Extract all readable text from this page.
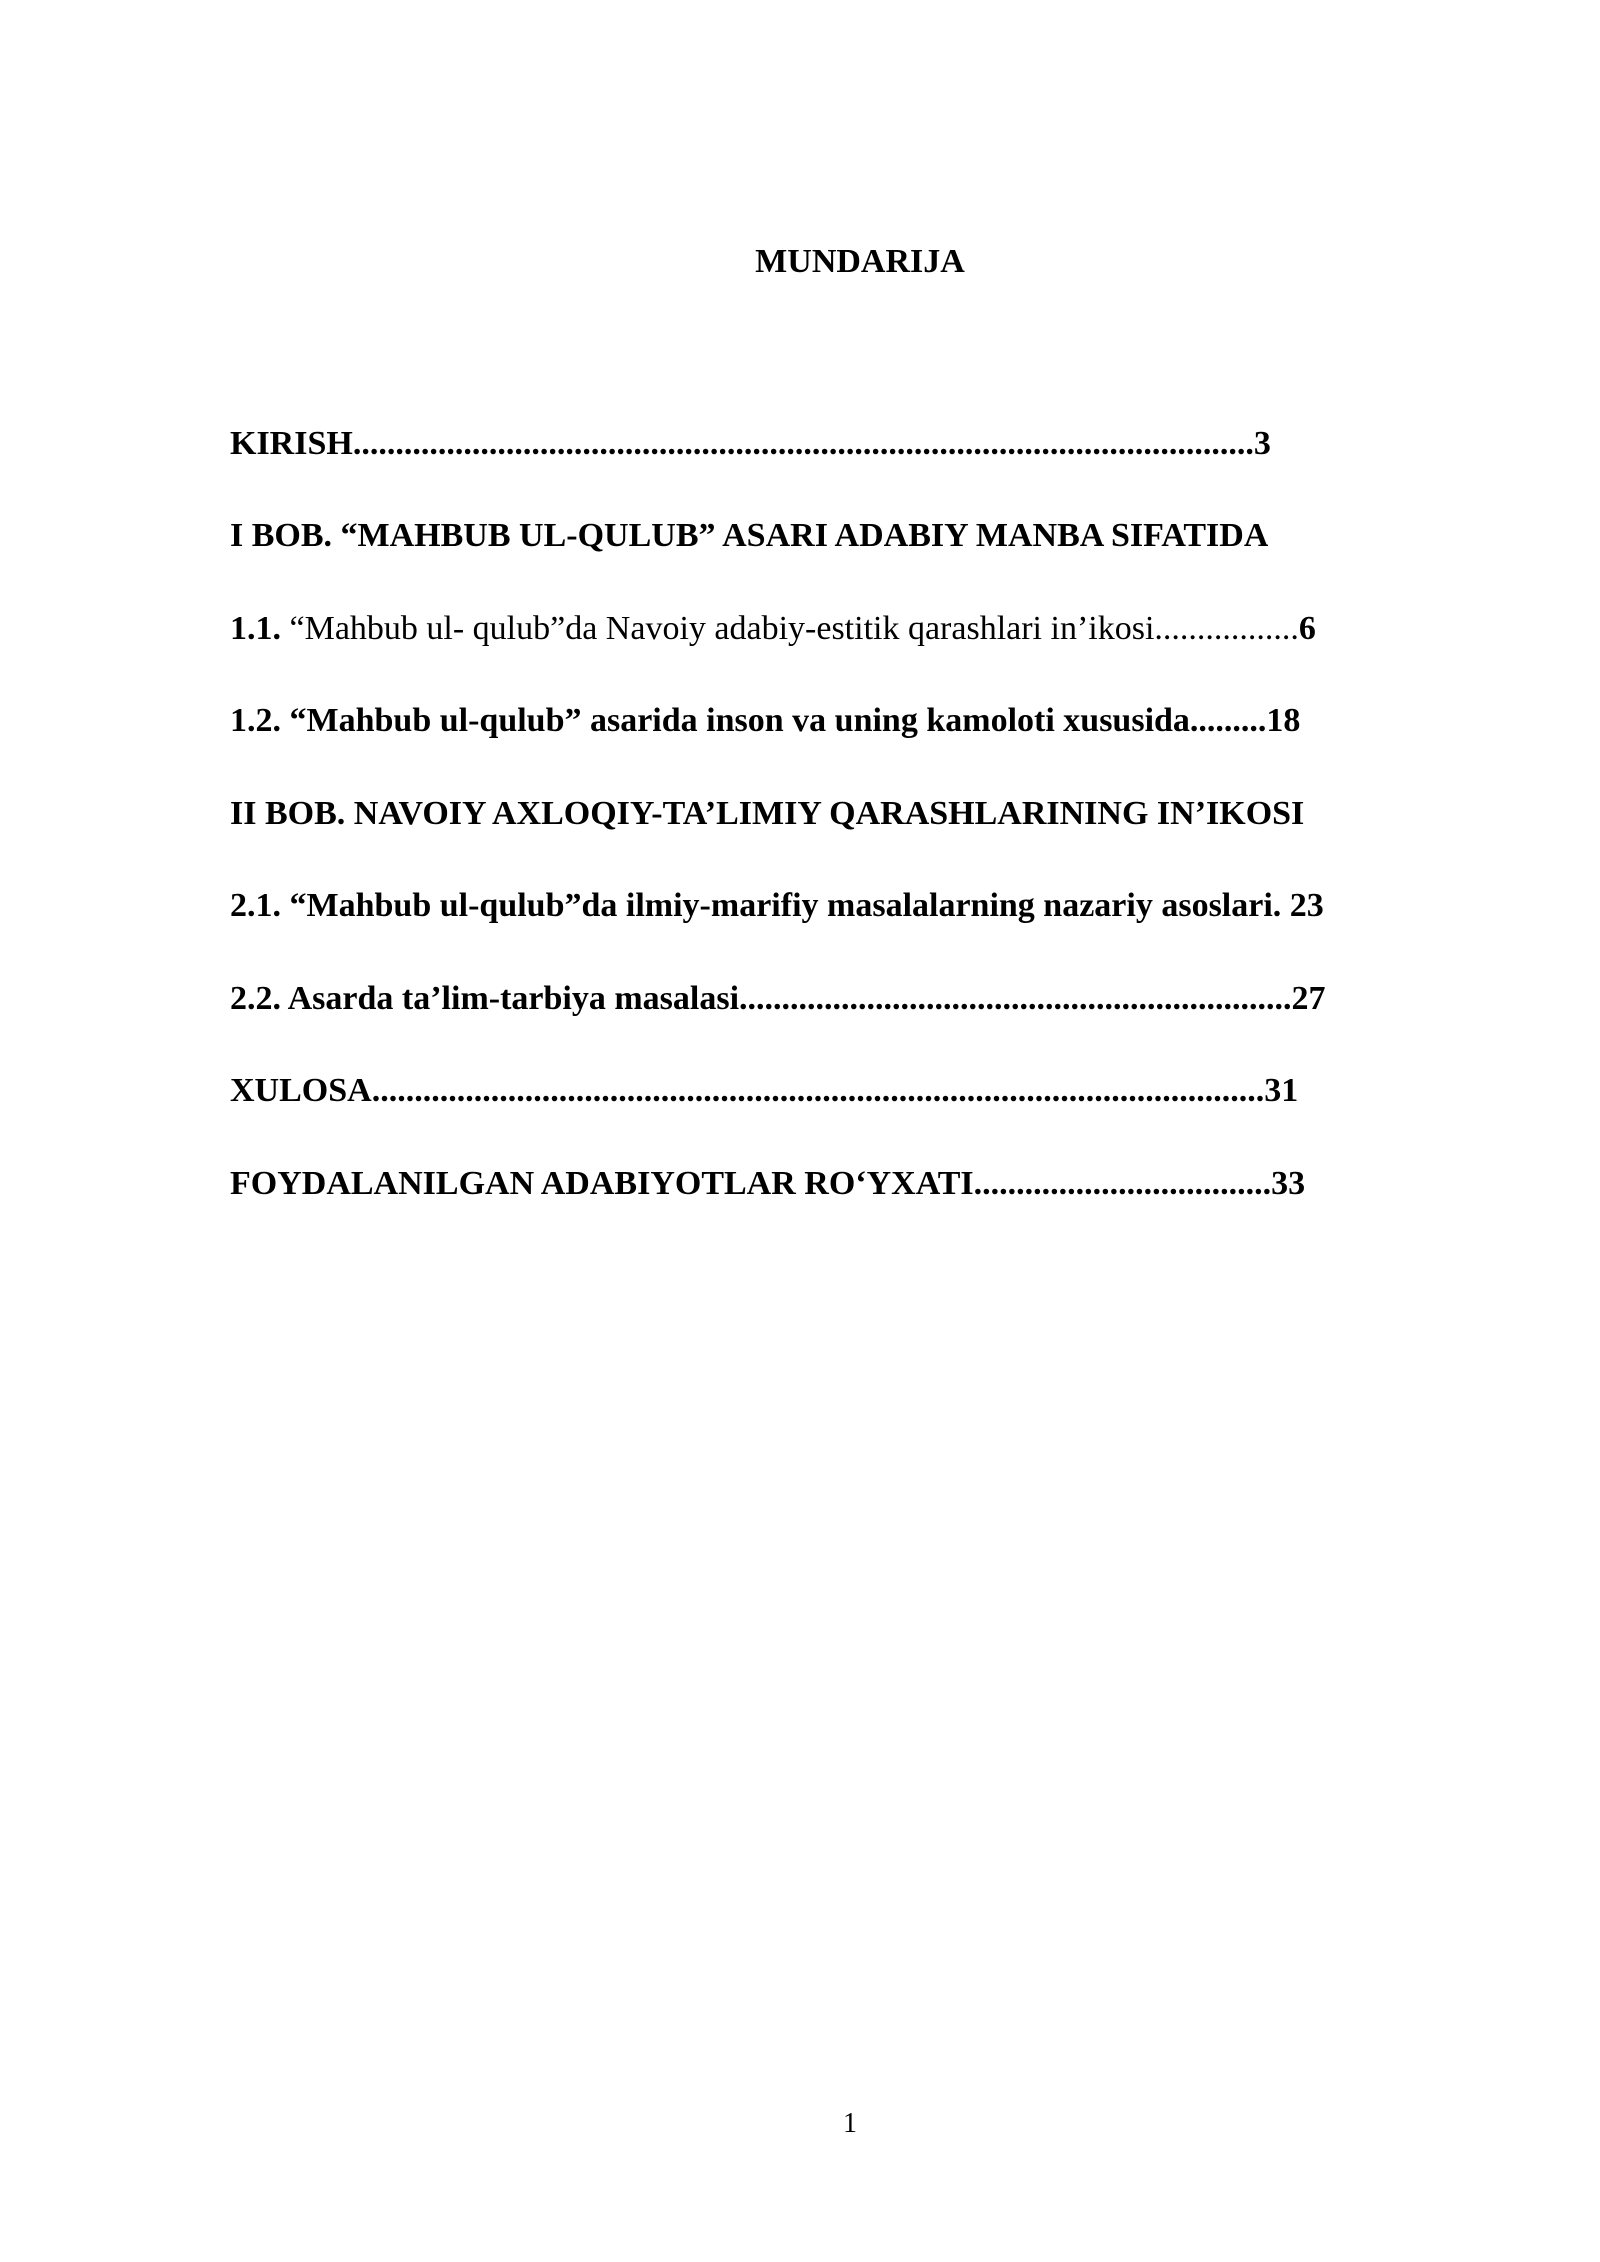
MUNDARIJA
KIRISH..........................................................................................................3
I BOB. “MAHBUB UL-QULUB” ASARI ADABIY MANBA SIFATIDA
1.1. “Mahbub ul- qulub”da Navoiy adabiy-estitik qarashlari in’ikosi.................6
1.2. “Mahbub ul-qulub” asarida inson va uning kamoloti xususida.........18
II BOB. NAVOIY AXLOQIY-TA’LIMIY QARASHLARINING IN’IKOSI
2.1. “Mahbub ul-qulub”da ilmiy-marifiy masalalarning nazariy asoslari. 23
2.2. Asarda ta’lim-tarbiya masalasi.................................................................27
XULOSA.........................................................................................................31
FOYDALANILGAN ADABIYOTLAR RO‘YXATI...................................33
1
